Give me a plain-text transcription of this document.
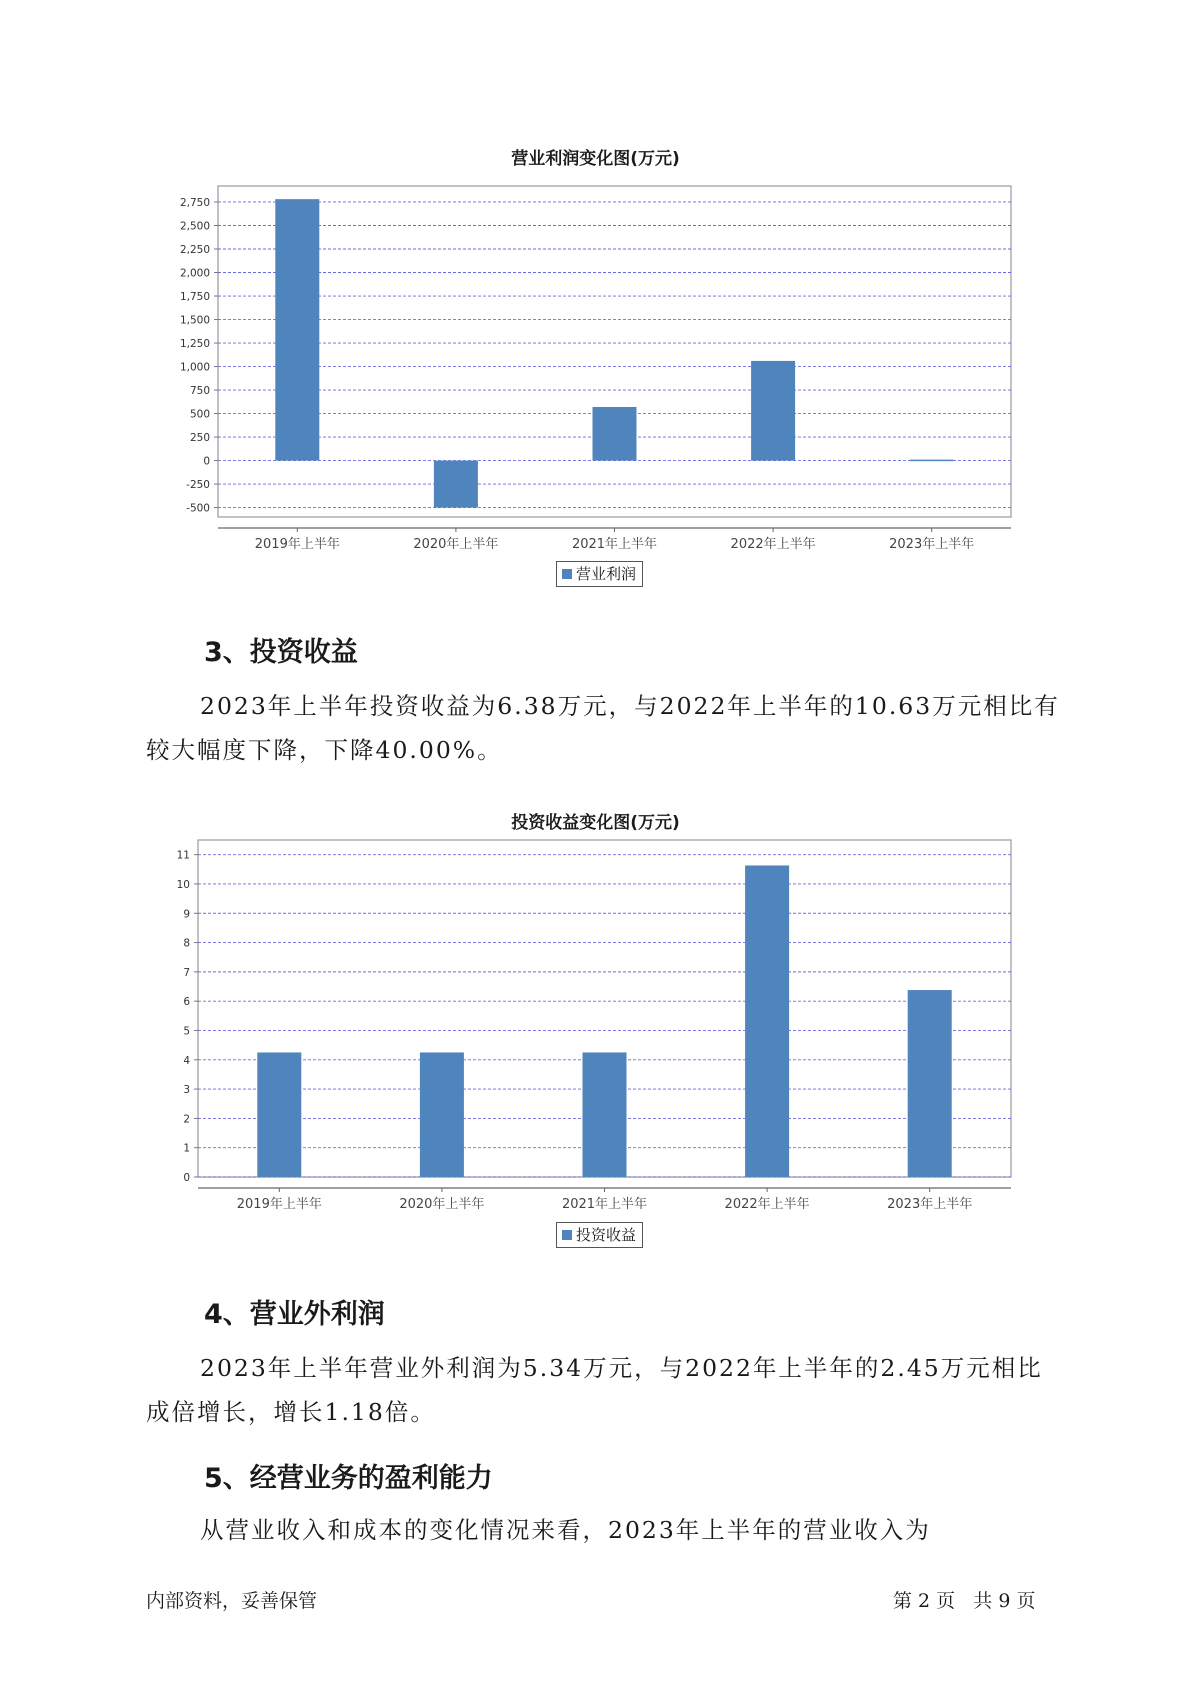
营业利润变化图(万元)
2,750
2,500
2,250
2,000
1,750
1,500
1,250
1,000
750
500
250
0
-250
-500
2019年上半年	2020年上半年	2021年上半年	2022年上半年	2023年上半年
营业利润
3、投资收益
2023年上半年投资收益为6.38万元，与2022年上半年的10.63万元相比有较大幅度下降，下降40.00%。
投资收益变化图(万元)
11
10
9
8
7
6
5
4
3
2
1
0
2019年上半年	2020年上半年	2021年上半年	2022年上半年	2023年上半年
投资收益
4、营业外利润
2023年上半年营业外利润为5.34万元，与2022年上半年的2.45万元相比成倍增长，增长1.18倍。
5、经营业务的盈利能力
从营业收入和成本的变化情况来看，2023年上半年的营业收入为
内部资料，妥善保管	第 2 页   共 9 页
